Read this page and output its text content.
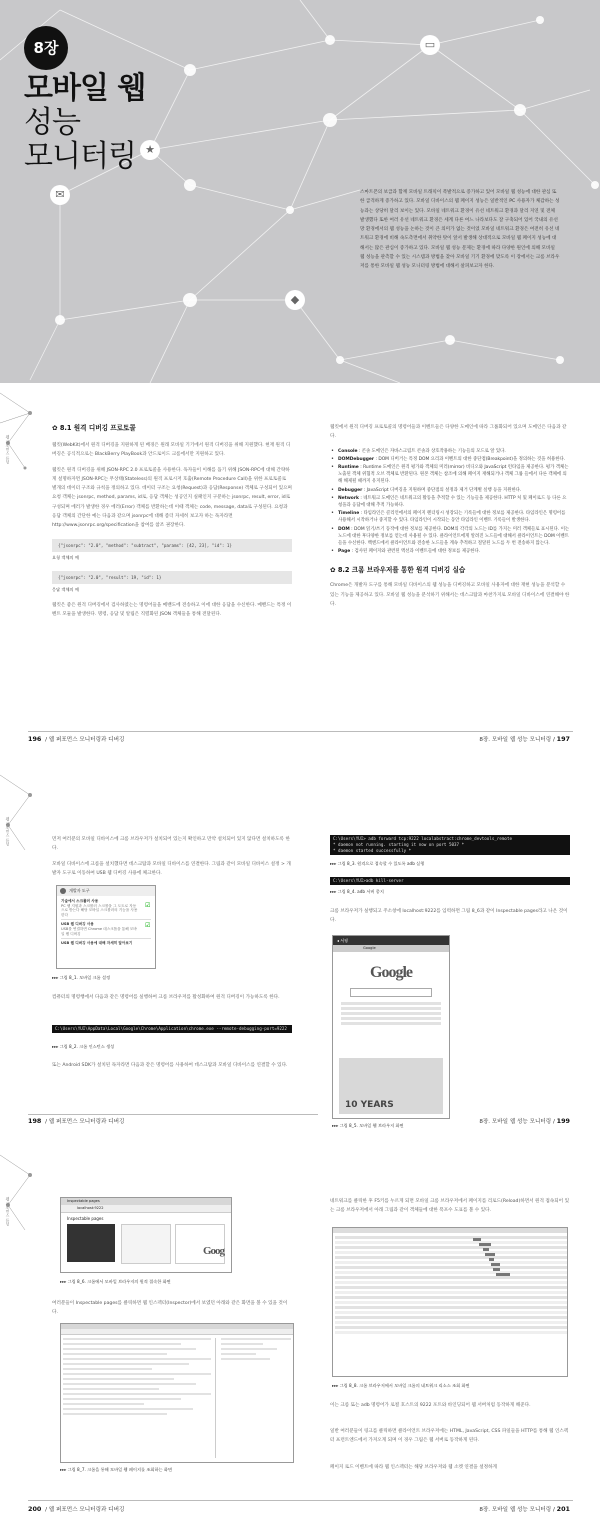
▭
★
✉
◆
8장
모바일 웹
성능
모니터링
스마트폰의 보급과 함께 모바일 트래픽이 폭발적으로 증가하고 있어 모바일 웹 성능에 대한 관심 또한 급격하게 증가하고 있다. 모바일 디바이스의 웹 페이지 성능은 일반적인 PC 사용자가 체감하는 성능과는 상당히 달리 보이는 있다. 모바일 네트워크 환경이 유선 네트워크 환경과 달리 지연 및 전체 발생했다 또한 여러 유선 네트워크 환경은 세계 다른 여느 나라보다도 잘 구축되어 있어 국내의 유선망 환경에서의 웹 성능을 논하는 것이 큰 의미가 없는 것이었 모바일 네트워크 환경은 여전히 유선 네트워크 환경에 비해 속도측면에서 취약한 탓이 앞서 발생해 상대적으로 모바일 웹 페이지 성능에 대해서는 많은 관심이 증가하고 있다. 모바일 웹 성능 문제는 환경에 따라 다양한 원인에 의해 모바일 웹 성능을 관측할 수 있는 시스템과 방법을 찾아 모바일 기기 환경에 맞도록 이 장에서는 크롬 브라우저를 통한 모바일 웹 성능 모니터링 방법에 대해서 살펴보고자 한다.
웹 퍼포먼스 튜닝
✿ 8.1 원격 디버깅 프로토콜
웹킷(WebKit)에서 원격 디버깅을 지원하게 된 배경은 원래 모바일 기기에서 원격 디버깅을 위해 지원했다. 현재 원격 디버깅은 공식적으로는 BlackBerry PlayBook과 안드로이드 크롬에서만 지원하고 있다.
웹킷은 원격 디버깅을 위해 JSON-RPC 2.0 프로토콜을 사용한다. 독자들이 이해를 돕기 위해 JSON-RPC에 대해 간략하게 설명하자면 JSON-RPC는 무상태(Stateless)의 원격 프로시저 호출(Remote Procedure Call)을 위한 프로토콜로 별개의 데이터 구조와 규칙을 정의하고 있다. 데이터 구조는 요청(Request)과 응답(Response) 객체로 구성되어 있으며 요청 객체는 jsonrpc, method, params, id로, 응답 객체는 성공인지 실패인지 구분하는 jsonrpc, result, error, id로 구성되며 에러가 발생한 경우 에러(Error) 객체를 반환하는데 이때 객체는 code, message, data로 구성된다. 요청과 응답 객체의 간단한 예는 다음과 같으며 jsonrpc에 대해 좀더 자세히 보고자 하는 독자라면 http://www.jsonrpc.org/specification을 참여를 참조 권장한다.
{"jsonrpc": "2.0", "method": "subtract", "params": [42, 23], "id": 1}
요청 객체의 예
{"jsonrpc": "2.0", "result": 19, "id": 1}
응답 객체의 예
웹킷은 좋은 원격 디버깅에서 검사하였는는 명령어들을 메밴도에 전송하고 이에 대한 응답을 수신한다. 메밴드는 특정 이벤트 모듈을 발생한다. 명령, 응답 및 알림은 직렬화된 JSON 객체들을 통해 전달된다.
웹킷에서 원격 디버깅 프로토콜의 명령어들과 이벤트들은 다양한 도메인에 따라 그룹화되어 있으며 도메인은 다음과 같다.
• Console : 콘솔 도메인은 자바스크립트 콘솔과 상호작용하는 기능들의 모드로 알 있다.
• DOMDebugger : DOM 디버거는 특정 DOM 요리과 이벤트의 대한 중단점(Breakpoint)을 정의하는 것을 허용한다.
• Runtime : Runtime 도메인은 원격 평가와 객체의 미러(mirror) 비디오와 JavaScript 런타임을 제공한다. 평가 객체는 노출된 객체 위협적 오브 객체로 반환된다. 원본 객체는 참조에 의해 페이지 재해되거나 객체 그룹 들에서 다른 객체에 의해 해제될 때까지 유지된다.
• Debugger : JavaScript 디버깅을 지원하며 중단점의 설정과 제거 단계별 실행 등을 지원한다.
• Network : 네트워크 도메인은 네트워크의 활동을 추적할 수 있는 기능들을 제공한다. HTTP 처 및 페이로드 등 다른 요청을과 응답에 대해 추적 가능하다.
• Timeline : 타임라인은 콜리언에서의 페이지 렌더링시 성장되는 기록들에 대한 정보를 제공한다. 타임라인은 명령어를 사용해서 시작하거나 중지할 수 있다. 타임라인이 시작되는 동안 타임라인 이벤트 기록들이 발생한다.
• DOM : DOM 읽기/쓰기 동작에 대한 정보를 제공한다. DOM의 각각의 노드는 ID를 가지는 미러 객체들로 표시된다. 이는 노드에 대한 후다양한 정보를 얻는데 사용될 수 있다. 클라이언트에게 알려진 노드들에 대해서 클라이언트는 DOM 이벤트들을 수신한다. 백엔드에서 클라이언트와 전송한 노드들을 계속 추적하고 절달된 노드를 두 번 전송하지 않는다.
• Page : 검사된 페이지와 관련된 액션과 이벤트들에 대한 정보를 제공한다.
✿ 8.2 크롬 브라우저를 통한 원격 디버깅 실습
Chrome은 개발자 도구를 통해 모바일 디바이스의 웹 성능을 디버깅하고 모바일 사용자에 대한 재현 성능을 분석할 수 있는 기능을 제공하고 있다. 모바일 웹 성능을 분석하기 위해서는 데스크탑과 마찬가지로 모바일 디바이스에 연결해야 한다.
196 / 웹 퍼포먼스 모니터링과 디버깅	8장. 모바일 웹 성능 모니터링 / 197
웹 퍼포먼스 튜닝	먼저 여러분의 모바일 디바이스에 크롬 브라우저가 설치되어 있는지 확인하고 만약 설치되어 있지 않다면 설치하도록 한다.
모바일 디바이스에 크롬을 설치했다면 데스크탑과 모바일 디바이스를 연결한다. 그림과 같이 모바일 디바이스 설정 > 개발자 도구로 이동하여 USB 웹 디버깅 사용에 체크한다.
개발자 도구
기술에서 스크롤러 사용
PC 웹 지원과 스크롤러 스크롤을 그 도트로 자동으로 받는다 해당 모바일 스크롤러의 기능을 사용한다
USB 웹 디버깅 사용
USB를 연결하면 Chrome 데스크톱을 통해 모바일 웹 디버깅
USB 웹 디버깅 사용에 대해 자세히 알아보기
☑
☑
▸▸▸ 그림 8_1. 모바일 크롬 설정
컴퓨터의 명령행에서 다음과 같은 명령어를 실행하여 크롬 브라우저를 활성화하여 원격 디버깅이 가능하도록 한다.
C:\Users\YUI\AppData\Local\Google\Chrome\Application\chrome.exe --remote-debugging-port=9222
▸▸▸ 그림 8_2. 크롬 인스턴스 생성
또는 Android SDK가 설치된 독자라면 다음과 같은 명령어를 사용하여 데스크탑과 모바일 디바이스를 연결할 수 있다.
C:\Users\YUI> adb forward tcp:9222 localabstract:chrome_devtools_remote
* daemon not running. starting it now on port 5037 *
* daemon started successfully *
▸▸▸ 그림 8_3. 원격으로 접속할 수 있도록 adb 실행
C:\Users\YUI>adb kill-server
▸▸▸ 그림 8_4. adb 서버 종지
크롬 브라우저가 실행되고 주소창에 localhost:9222를 입력하면 그림 8_6과 같이 Inspectable pages라고 나온 것이다.
◂ 서핑
Google
Google
10 YEARS
▸▸▸ 그림 8_5. 모바일 웹 브라우저 화면
198 / 웹 퍼포먼스 모니터링과 디버깅	8장. 모바일 웹 성능 모니터링 / 199
웹 퍼포먼스 튜닝	Inspectable pages
localhost:9222
Inspectable pages
Goog
▸▸▸ 그림 8_6. 크롬에서 모바일 브라우저의 원격 접속한 화면
여러분들이 Inspectable pages를 클릭하면 웹 인스펙터(Inspector)에서 보였던 아래와 같은 화면을 볼 수 있을 것이다.
▸▸▸ 그림 8_7. 크롬을 통해 모바일 웹 페이지를 조회하는 화면
네트워크를 클릭한 후 F5키를 누르게 되면 모바일 크롬 브라우저에서 페이지를 리로드(Reload)하면서 원격 접속되어 있는 크롬 브라우저에서 아래 그림과 같이 객체들에 대한 폭포수 도표를 볼 수 있다.
▸▸▸ 그림 8_8. 크롬 브라우저에서 모바일 크롬의 네트워크 리소스 조회 화면
이는 크롬 또는 adb 명령어가 로컬 호스트의 9222 포트와 바인딩되어 웹 서버처럼 동작하게 해준다.
일반 여러분들이 링크를 클릭하면 클라이언트 브라우저에는 HTML, JavaScript, CSS 파일들을 HTTP를 통해 웹 인스펙터 프런트엔드에서 가져오게 되며 이 경우 그림은 웹 서버로 동작하게 된다.
페이지 로드 이벤트에 따라 웹 인스펙터는 해당 브라우저와 웹 소켓 연결을 설정하게
200 / 웹 퍼포먼스 모니터링과 디버깅	8장. 모바일 웹 성능 모니터링 / 201
